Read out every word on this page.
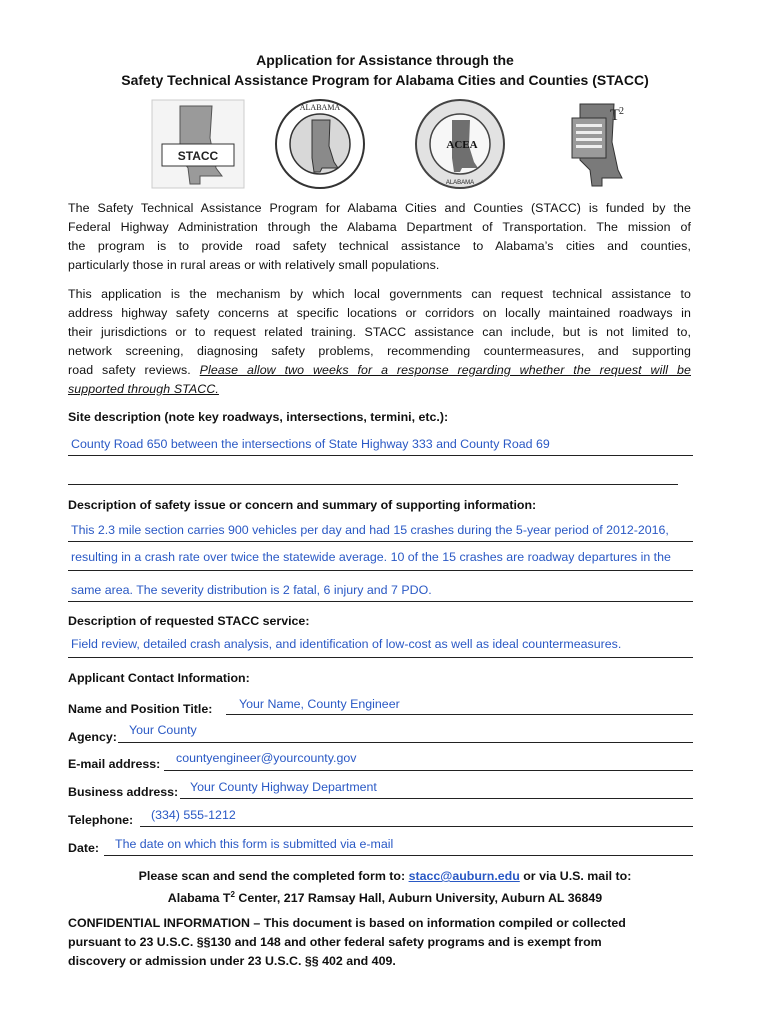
Application for Assistance through the
Safety Technical Assistance Program for Alabama Cities and Counties (STACC)
STACC
ALABAMA
ACEA
ALABAMA
T 2
The Safety Technical Assistance Program for Alabama Cities and Counties (STACC) is funded by the
Federal Highway Administration through the Alabama Department of Transportation. The mission of
the program is to provide road safety technical assistance to Alabama’s cities and counties,
particularly those in rural areas or with relatively small populations.
This application is the mechanism by which local governments can request technical assistance to
address highway safety concerns at specific locations or corridors on locally maintained roadways in
their jurisdictions or to request related training. STACC assistance can include, but is not limited to,
network screening, diagnosing safety problems, recommending countermeasures, and supporting
road safety reviews. Please allow two weeks for a response regarding whether the request will be
supported through STACC.
Site description (note key roadways, intersections, termini, etc.):
County Road 650 between the intersections of State Highway 333 and County Road 69
Description of safety issue or concern and summary of supporting information:
This 2.3 mile section carries 900 vehicles per day and had 15 crashes during the 5-year period of 2012-2016,
resulting in a crash rate over twice the statewide average. 10 of the 15 crashes are roadway departures in the
same area. The severity distribution is 2 fatal, 6 injury and 7 PDO.
Description of requested STACC service:
Field review, detailed crash analysis, and identification of low-cost as well as ideal countermeasures.
Applicant Contact Information:
Name and Position Title: Your Name, County Engineer
Agency: Your County
E-mail address: countyengineer@yourcounty.gov
Business address: Your County Highway Department
Telephone: (334) 555-1212
Date: The date on which this form is submitted via e-mail
Please scan and send the completed form to: stacc@auburn.edu or via U.S. mail to:
Alabama $T^2$ Center, 217 Ramsay Hall, Auburn University, Auburn AL 36849
CONFIDENTIAL INFORMATION – This document is based on information compiled or collected
pursuant to 23 U.S.C. §§130 and 148 and other federal safety programs and is exempt from
discovery or admission under 23 U.S.C. §§ 402 and 409.
